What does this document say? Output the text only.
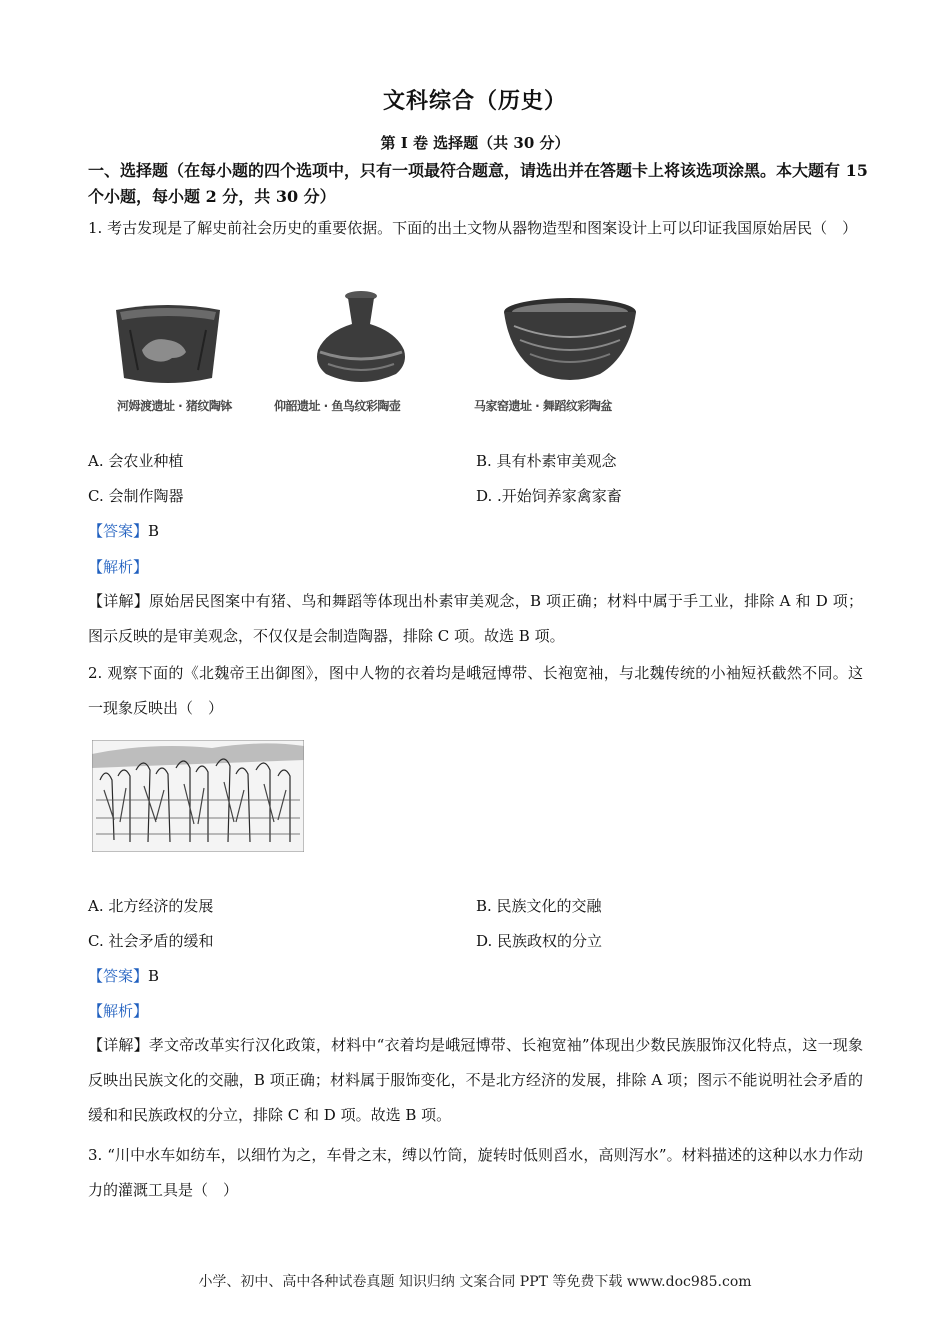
文科综合（历史）
第 I 卷 选择题（共 30 分）
一、选择题（在每小题的四个选项中，只有一项最符合题意，请选出并在答题卡上将该选项涂黑。本大题有 15 个小题，每小题 2 分，共 30 分）
1. 考古发现是了解史前社会历史的重要依据。下面的出土文物从器物造型和图案设计上可以印证我国原始居民（　）
河姆渡遗址 · 猪纹陶钵	仰韶遗址 · 鱼鸟纹彩陶壶	马家窑遗址 · 舞蹈纹彩陶盆
A. 会农业种植	B. 具有朴素审美观念
C. 会制作陶器	D. .开始饲养家禽家畜
【答案】B
【解析】
【详解】原始居民图案中有猪、鸟和舞蹈等体现出朴素审美观念，B 项正确；材料中属于手工业，排除 A 和 D 项；图示反映的是审美观念，不仅仅是会制造陶器，排除 C 项。故选 B 项。
2. 观察下面的《北魏帝王出御图》，图中人物的衣着均是峨冠博带、长袍宽袖，与北魏传统的小袖短袄截然不同。这一现象反映出（　）
A. 北方经济的发展	B. 民族文化的交融
C. 社会矛盾的缓和	D. 民族政权的分立
【答案】B
【解析】
【详解】孝文帝改革实行汉化政策，材料中“衣着均是峨冠博带、长袍宽袖”体现出少数民族服饰汉化特点，这一现象反映出民族文化的交融，B 项正确；材料属于服饰变化，不是北方经济的发展，排除 A 项；图示不能说明社会矛盾的缓和和民族政权的分立，排除 C 和 D 项。故选 B 项。
3. “川中水车如纺车，以细竹为之，车骨之末，缚以竹筒，旋转时低则舀水，高则泻水”。材料描述的这种以水力作动力的灌溉工具是（　）
小学、初中、高中各种试卷真题 知识归纳 文案合同 PPT 等免费下载 www.doc985.com
